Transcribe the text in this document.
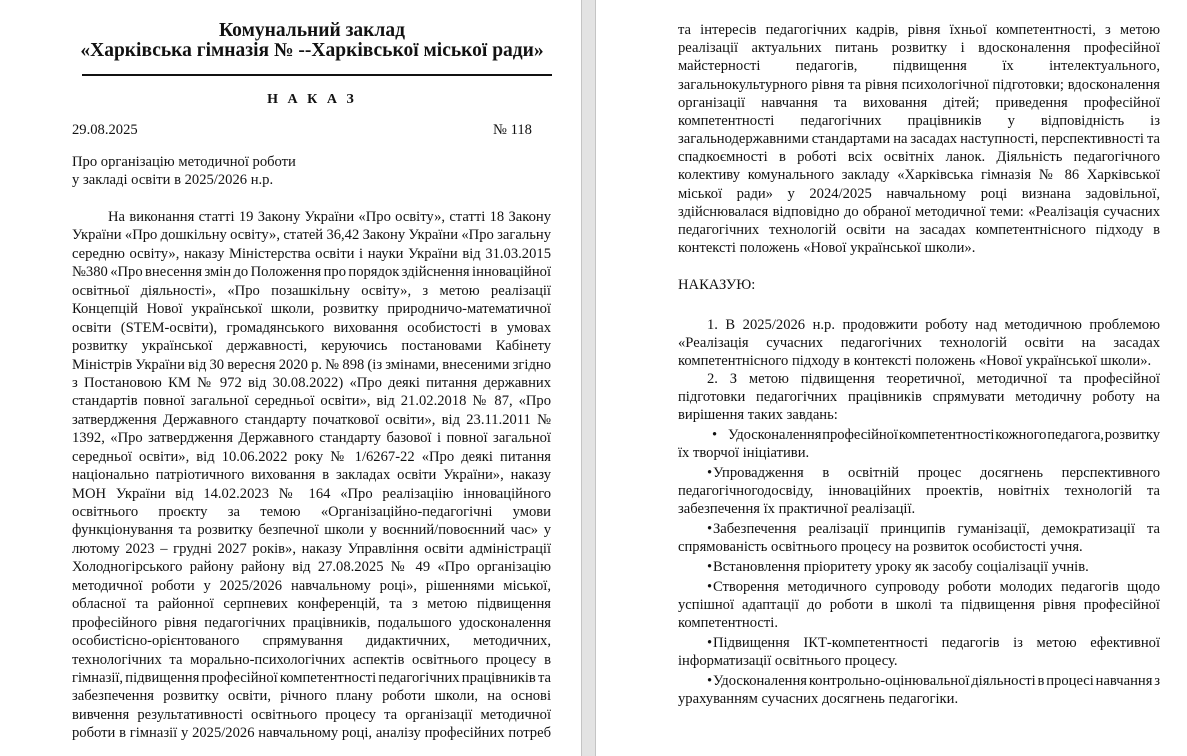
Комунальний заклад
«Харківська гімназія № --Харківської міської ради»
Н А К А З
29.08.2025	№ 118
Про організацію методичної роботи
у закладі освіти в 2025/2026 н.р.
На виконання статті 19 Закону України «Про освіту», статті 18 Закону
України «Про дошкільну освіту», статей 36,42 Закону України «Про загальну
середню освіту», наказу Міністерства освіти і науки України від 31.03.2015
№380 «Про внесення змін до Положення про порядок здійснення інноваційної
освітньої діяльності», «Про позашкільну освіту», з метою реалізації
Концепцій Нової української школи, розвитку природничо-математичної
освіти (STEM-освіти), громадянського виховання особистості в умовах
розвитку української державності, керуючись постановами Кабінету
Міністрів України від 30 вересня 2020 р. № 898 (із змінами, внесеними згідно
з Постановою КМ № 972 від 30.08.2022) «Про деякі питання державних
стандартів повної загальної середньої освіти», від 21.02.2018 № 87, «Про
затвердження Державного стандарту початкової освіти», від 23.11.2011 №
1392, «Про затвердження Державного стандарту базової і повної загальної
середньої освіти», від 10.06.2022 року № 1/6267-22 «Про деякі питання
національно патріотичного виховання в закладах освіти України», наказу
МОН України від 14.02.2023 № 164 «Про реалізаціію інноваційного
освітнього проєкту за темою «Організаційно-педагогічні умови
функціонування та розвитку безпечної школи у воєнний/повоєнний час» у
лютому 2023 – грудні 2027 років», наказу Управління освіти адміністрації
Холодногірського району району від 27.08.2025 № 49 «Про організацію
методичної роботи у 2025/2026 навчальному році», рішеннями міської,
обласної та районної серпневих конференцій, та з метою підвищення
професійного рівня педагогічних працівників, подальшого удосконалення
особистісно-орієнтованого спрямування дидактичних, методичних,
технологічних та морально-психологічних аспектів освітнього процесу в
гімназії, підвищення професійної компетентності педагогічних працівників та
забезпечення розвитку освіти, річного плану роботи школи, на основі
вивчення результативності освітнього процесу та організації методичної
роботи в гімназії у 2025/2026 навчальному році, аналізу професійних потреб
та інтересів педагогічних кадрів, рівня їхньої компетентності, з метою
реалізації актуальних питань розвитку і вдосконалення професійної
майстерності педагогів, підвищення їх інтелектуального,
загальнокультурного рівня та рівня психологічної підготовки; вдосконалення
організації навчання та виховання дітей; приведення професійної
компетентності педагогічних працівників у відповідність із
загальнодержавними стандартами на засадах наступності, перспективності та
спадкоємності в роботі всіх освітніх ланок. Діяльність педагогічного
колективу комунального закладу «Харківська гімназія № 86 Харківської
міської ради» у 2024/2025 навчальному році визнана задовільної,
здійснювалася відповідно до обраної методичної теми: «Реалізація сучасних
педагогічних технологій освіти на засадах компетентнісного підходу в
контексті положень «Нової української школи».
НАКАЗУЮ:
1. В 2025/2026 н.р. продовжити роботу над методичною проблемою
«Реалізація сучасних педагогічних технологій освіти на засадах
компетентнісного підходу в контексті положень «Нової української школи».
2. З метою підвищення теоретичної, методичної та професійної
підготовки педагогічних працівників спрямувати методичну роботу на
вирішення таких завдань:
• Удосконалення професійної компетентності кожного педагога, розвитку
їх творчої ініціативи.
• Упровадження в освітній процес досягнень перспективного
педагогічногодосвіду, інноваційних проектів, новітніх технологій та
забезпечення їх практичної реалізації.
• Забезпечення реалізації принципів гуманізації, демократизації та
спрямованість освітнього процесу на розвиток особистості учня.
• Встановлення пріоритету уроку як засобу соціалізації учнів.
• Створення методичного супроводу роботи молодих педагогів щодо
успішної адаптації до роботи в школі та підвищення рівня професійної
компетентності.
• Підвищення ІКТ-компетентності педагогів із метою ефективної
інформатизації освітнього процесу.
• Удосконалення контрольно-оцінювальної діяльності в процесі навчання з
урахуванням сучасних досягнень педагогіки.
